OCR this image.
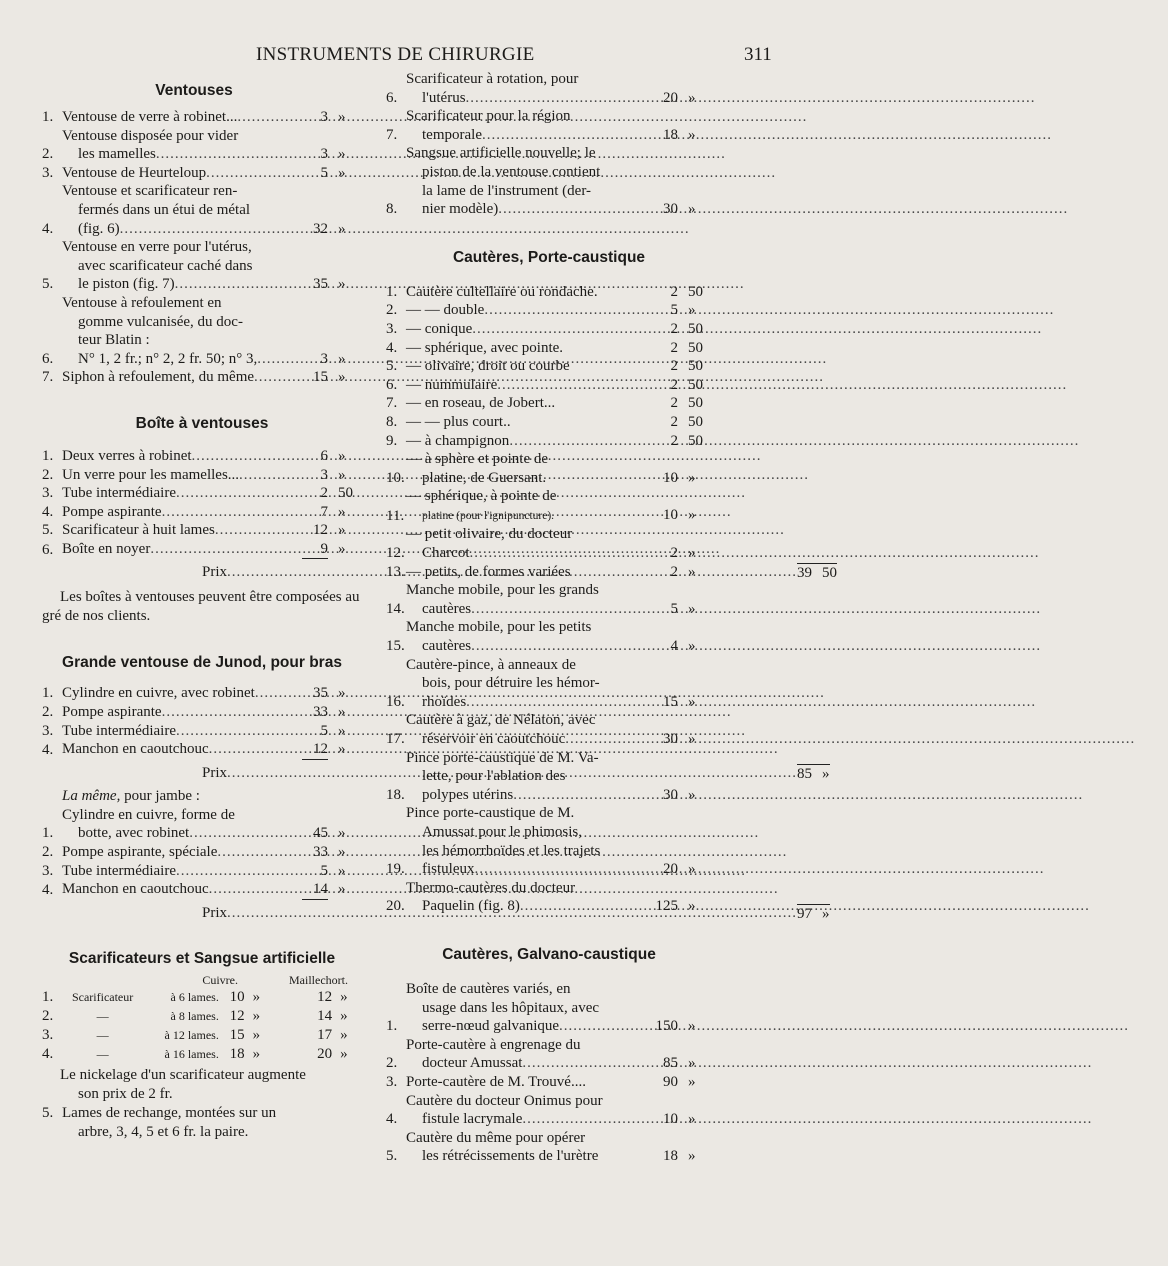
INSTRUMENTS DE CHIRURGIE	311
Ventouses
1. Ventouse de verre à robinet... .....	3 »
2.
Ventouse disposée pour vider
les mamelles .....	3 »
3. Ventouse de Heurteloup .....	5 »
4.
Ventouse et scarificateur ren-
fermés dans un étui de métal
(fig. 6) .....	32 »
5.
Ventouse en verre pour l'utérus,
avec scarificateur caché dans
le piston (fig. 7) .....	35 »
6.
Ventouse à refoulement en
gomme vulcanisée, du doc-
teur Blatin :
N° 1, 2 fr.; n° 2, 2 fr. 50; n° 3, .....	3 »
7. Siphon à refoulement, du même .....	15 »
Boîte à ventouses
1. Deux verres à robinet .....	6 »
2. Un verre pour les mamelles... .....	3 »
3. Tube intermédiaire .....	2 50
4. Pompe aspirante .....	7 »
5. Scarificateur à huit lames .....	12 »
6. Boîte en noyer .....	9 »
Prix .....	39 50
Les boîtes à ventouses peuvent être composées au gré de nos clients.
Grande ventouse de Junod, pour bras
1. Cylindre en cuivre, avec robinet .....	35 »
2. Pompe aspirante .....	33 »
3. Tube intermédiaire .....	5 »
4. Manchon en caoutchouc .....	12 »
Prix .....	85 »
La même, pour jambe :
1.
Cylindre en cuivre, forme de
botte, avec robinet .....	45 »
2. Pompe aspirante, spéciale .....	33 »
3. Tube intermédiaire .....	5 »
4. Manchon en caoutchouc .....	14 »
Prix .....	97 »
Scarificateurs et Sangsue artificielle
Cuivre.	Maillechort.
1.	Scarificateur	à 6 lames. 10 »	12 »
2.	—	à 8 lames. 12 »	14 »
3.	—	à 12 lames. 15 »	17 »
4.	—	à 16 lames. 18 »	20 »
Le nickelage d'un scarificateur augmente
son prix de 2 fr.
5. Lames de rechange, montées sur un
arbre, 3, 4, 5 et 6 fr. la paire.
6.
Scarificateur à rotation, pour
l'utérus .....	20 »
7.
Scarificateur pour la région
temporale .....	18 »
8.
Sangsue artificielle nouvelle; le
piston de la ventouse contient
la lame de l'instrument (der-
nier modèle) .....	30 »
Cautères, Porte-caustique
1. Cautère cultellaire ou rondache.	2 50
2. — — double .....	5 »
3. — conique .....	2 50
4. — sphérique, avec pointe.	2 50
5. — olivaire, droit ou courbe	2 50
6. — nummulaire .....	2 50
7. — en roseau, de Jobert...	2 50
8. — — plus court..	2 50
9. — à champignon .....	2 50
10.
— à sphère et pointe de
platine, de Guersant.	10 »
11.
— sphérique, à pointe de
platine (pour l'ignipuncture).	10 »
12.
— petit olivaire, du docteur
Charcot .....	2 »
13. — petits, de formes variées	2 »
14.
Manche mobile, pour les grands
cautères .....	5 »
15.
Manche mobile, pour les petits
cautères .....	4 »
16.
Cautère-pince, à anneaux de
bois, pour détruire les hémor-
rhoïdes .....	15 »
17.
Cautère à gaz, de Nélaton, avec
réservoir en caoutchouc .....	30 »
18.
Pince porte-caustique de M. Va-
lette, pour l'ablation des
polypes utérins .....	30 »
19.
Pince porte-caustique de M.
Amussat pour le phimosis,
les hémorrhoïdes et les trajets
fistuleux .....	20 »
20.
Thermo-cautères du docteur
Paquelin (fig. 8) .....	125 »
Cautères, Galvano-caustique
1.
Boîte de cautères variés, en
usage dans les hôpitaux, avec
serre-nœud galvanique .....	150 »
2.
Porte-cautère à engrenage du
docteur Amussat .....	85 »
3. Porte-cautère de M. Trouvé....	90 »
4.
Cautère du docteur Onimus pour
fistule lacrymale .....	10 »
5.
Cautère du même pour opérer
les rétrécissements de l'urètre	18 »
